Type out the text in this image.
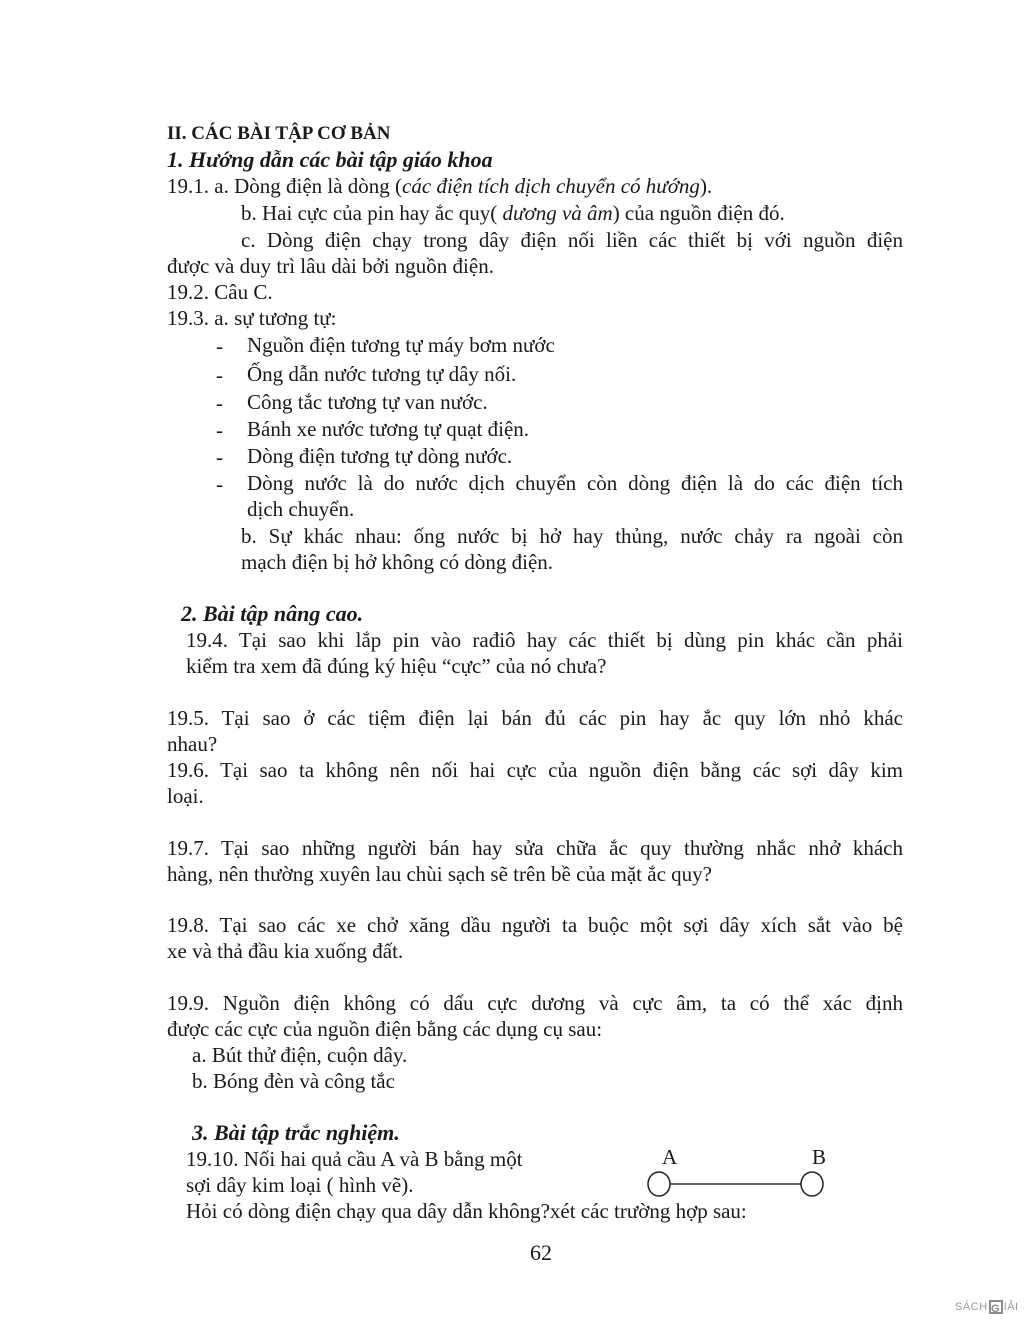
II. CÁC BÀI TẬP CƠ BẢN
1. Hướng dẫn các bài tập giáo khoa
19.1. a. Dòng điện là dòng (các điện tích dịch chuyển có hướng).
b. Hai cực của pin hay ắc quy( dương và âm) của nguồn điện đó.
c. Dòng điện chạy trong dây điện nối liền các thiết bị với nguồn điện
được và duy trì lâu dài bởi nguồn điện.
19.2. Câu C.
19.3. a. sự tương tự:
- Nguồn điện tương tự máy bơm nước
- Ống dẫn nước tương tự dây nối.
- Công tắc tương tự van nước.
- Bánh xe nước tương tự quạt điện.
- Dòng điện tương tự dòng nước.
- Dòng nước là do nước dịch chuyển còn dòng điện là do các điện tích
dịch chuyển.
b. Sự khác nhau: ống nước bị hở hay thủng, nước chảy ra ngoài còn
mạch điện bị hở không có dòng điện.
2. Bài tập nâng cao.
19.4. Tại sao khi lắp pin vào rađiô hay các thiết bị dùng pin khác cần phải
kiểm tra xem đã đúng ký hiệu “cực” của nó chưa?
19.5. Tại sao ở các tiệm điện lại bán đủ các pin hay ắc quy lớn nhỏ khác
nhau?
19.6. Tại sao ta không nên nối hai cực của nguồn điện bằng các sợi dây kim
loại.
19.7. Tại sao những người bán hay sửa chữa ắc quy thường nhắc nhở khách
hàng, nên thường xuyên lau chùi sạch sẽ trên bề của mặt ắc quy?
19.8. Tại sao các xe chở xăng dầu người ta buộc một sợi dây xích sắt vào bệ
xe và thả đầu kia xuống đất.
19.9. Nguồn điện không có dấu cực dương và cực âm, ta có thể xác định
được các cực của nguồn điện bằng các dụng cụ sau:
a. Bút thử điện, cuộn dây.
b. Bóng đèn và công tắc
3. Bài tập trắc nghiệm.
19.10. Nối hai quả cầu A và B bằng một
sợi dây kim loại ( hình vẽ).
Hỏi có dòng điện chạy qua dây dẫn không?xét các trường hợp sau:
A	B
62
SÁCH G IẢI
